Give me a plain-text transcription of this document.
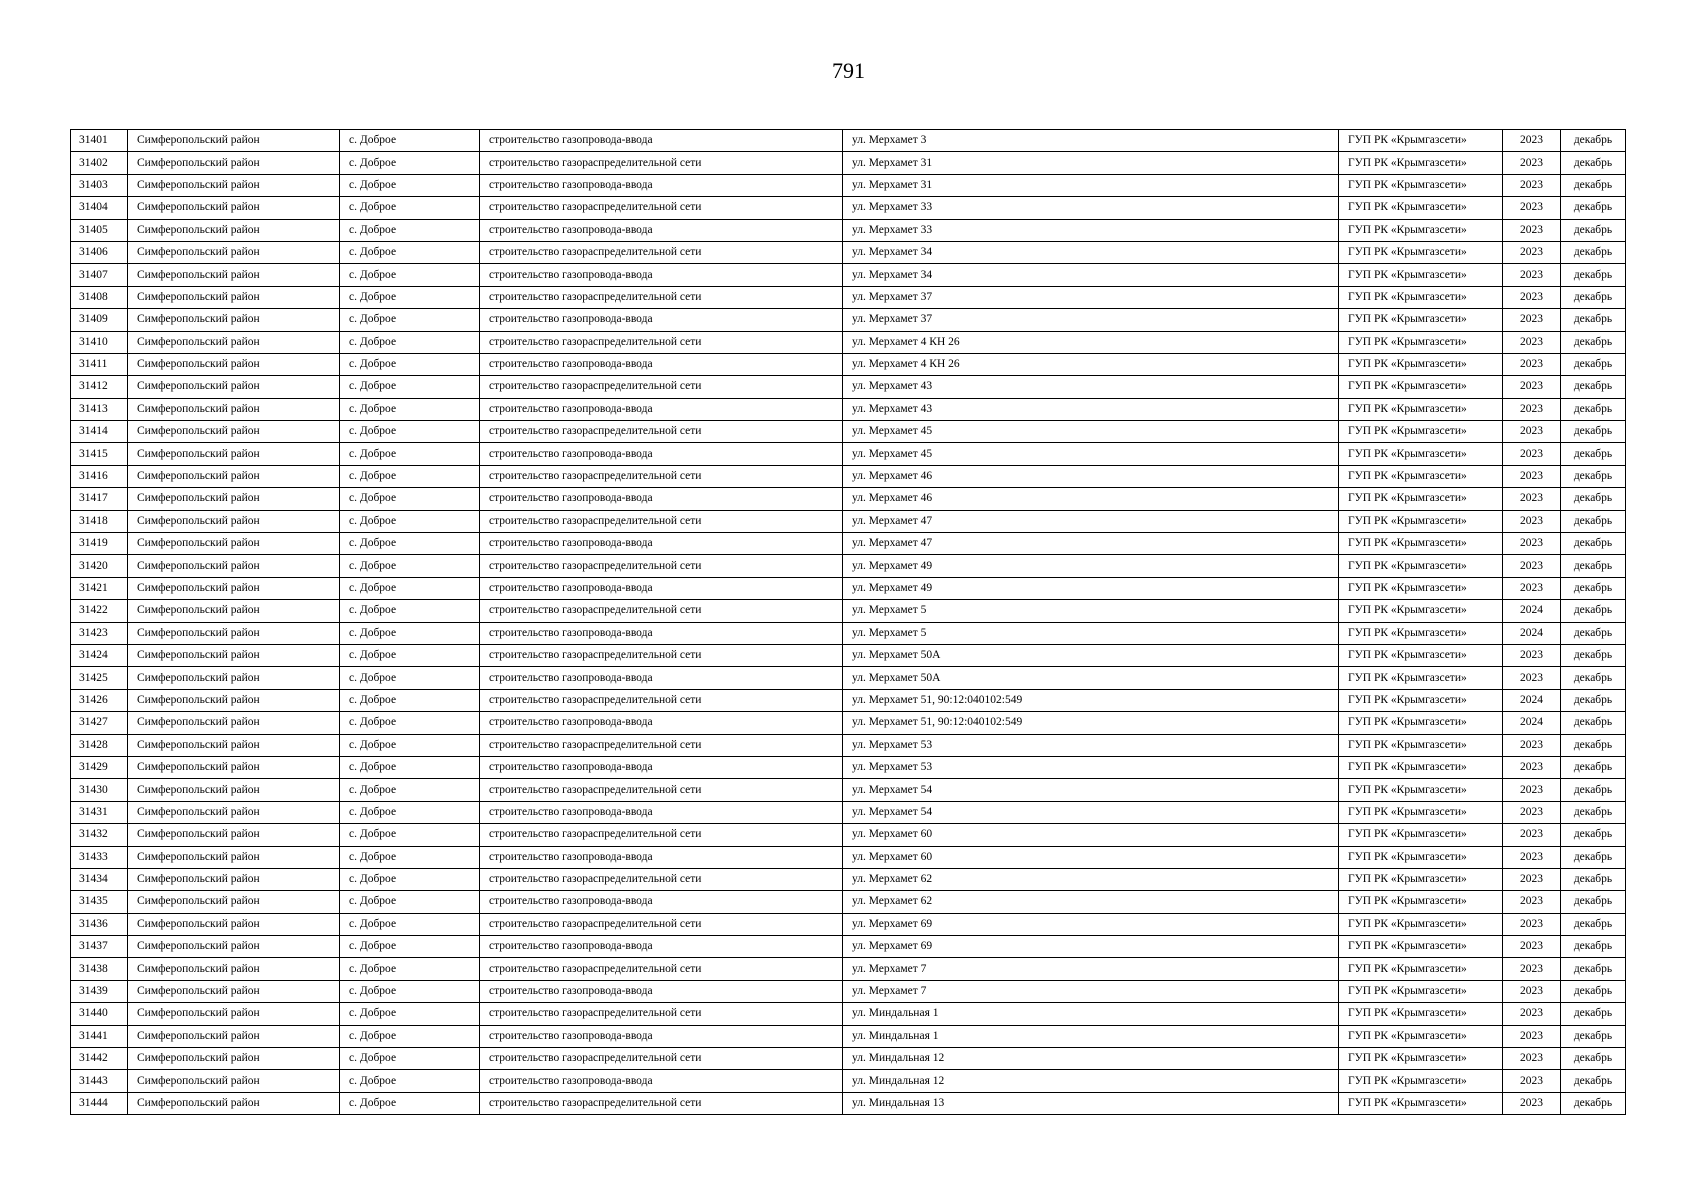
791
31401	Симферопольский район	с. Доброе	строительство газопровода-ввода	ул. Мерхамет 3	ГУП РК «Крымгазсети»	2023	декабрь
31402	Симферопольский район	с. Доброе	строительство газораспределительной сети	ул. Мерхамет 31	ГУП РК «Крымгазсети»	2023	декабрь
31403	Симферопольский район	с. Доброе	строительство газопровода-ввода	ул. Мерхамет 31	ГУП РК «Крымгазсети»	2023	декабрь
31404	Симферопольский район	с. Доброе	строительство газораспределительной сети	ул. Мерхамет 33	ГУП РК «Крымгазсети»	2023	декабрь
31405	Симферопольский район	с. Доброе	строительство газопровода-ввода	ул. Мерхамет 33	ГУП РК «Крымгазсети»	2023	декабрь
31406	Симферопольский район	с. Доброе	строительство газораспределительной сети	ул. Мерхамет 34	ГУП РК «Крымгазсети»	2023	декабрь
31407	Симферопольский район	с. Доброе	строительство газопровода-ввода	ул. Мерхамет 34	ГУП РК «Крымгазсети»	2023	декабрь
31408	Симферопольский район	с. Доброе	строительство газораспределительной сети	ул. Мерхамет 37	ГУП РК «Крымгазсети»	2023	декабрь
31409	Симферопольский район	с. Доброе	строительство газопровода-ввода	ул. Мерхамет 37	ГУП РК «Крымгазсети»	2023	декабрь
31410	Симферопольский район	с. Доброе	строительство газораспределительной сети	ул. Мерхамет 4 КН 26	ГУП РК «Крымгазсети»	2023	декабрь
31411	Симферопольский район	с. Доброе	строительство газопровода-ввода	ул. Мерхамет 4 КН 26	ГУП РК «Крымгазсети»	2023	декабрь
31412	Симферопольский район	с. Доброе	строительство газораспределительной сети	ул. Мерхамет 43	ГУП РК «Крымгазсети»	2023	декабрь
31413	Симферопольский район	с. Доброе	строительство газопровода-ввода	ул. Мерхамет 43	ГУП РК «Крымгазсети»	2023	декабрь
31414	Симферопольский район	с. Доброе	строительство газораспределительной сети	ул. Мерхамет 45	ГУП РК «Крымгазсети»	2023	декабрь
31415	Симферопольский район	с. Доброе	строительство газопровода-ввода	ул. Мерхамет 45	ГУП РК «Крымгазсети»	2023	декабрь
31416	Симферопольский район	с. Доброе	строительство газораспределительной сети	ул. Мерхамет 46	ГУП РК «Крымгазсети»	2023	декабрь
31417	Симферопольский район	с. Доброе	строительство газопровода-ввода	ул. Мерхамет 46	ГУП РК «Крымгазсети»	2023	декабрь
31418	Симферопольский район	с. Доброе	строительство газораспределительной сети	ул. Мерхамет 47	ГУП РК «Крымгазсети»	2023	декабрь
31419	Симферопольский район	с. Доброе	строительство газопровода-ввода	ул. Мерхамет 47	ГУП РК «Крымгазсети»	2023	декабрь
31420	Симферопольский район	с. Доброе	строительство газораспределительной сети	ул. Мерхамет 49	ГУП РК «Крымгазсети»	2023	декабрь
31421	Симферопольский район	с. Доброе	строительство газопровода-ввода	ул. Мерхамет 49	ГУП РК «Крымгазсети»	2023	декабрь
31422	Симферопольский район	с. Доброе	строительство газораспределительной сети	ул. Мерхамет 5	ГУП РК «Крымгазсети»	2024	декабрь
31423	Симферопольский район	с. Доброе	строительство газопровода-ввода	ул. Мерхамет 5	ГУП РК «Крымгазсети»	2024	декабрь
31424	Симферопольский район	с. Доброе	строительство газораспределительной сети	ул. Мерхамет 50А	ГУП РК «Крымгазсети»	2023	декабрь
31425	Симферопольский район	с. Доброе	строительство газопровода-ввода	ул. Мерхамет 50А	ГУП РК «Крымгазсети»	2023	декабрь
31426	Симферопольский район	с. Доброе	строительство газораспределительной сети	ул. Мерхамет 51, 90:12:040102:549	ГУП РК «Крымгазсети»	2024	декабрь
31427	Симферопольский район	с. Доброе	строительство газопровода-ввода	ул. Мерхамет 51, 90:12:040102:549	ГУП РК «Крымгазсети»	2024	декабрь
31428	Симферопольский район	с. Доброе	строительство газораспределительной сети	ул. Мерхамет 53	ГУП РК «Крымгазсети»	2023	декабрь
31429	Симферопольский район	с. Доброе	строительство газопровода-ввода	ул. Мерхамет 53	ГУП РК «Крымгазсети»	2023	декабрь
31430	Симферопольский район	с. Доброе	строительство газораспределительной сети	ул. Мерхамет 54	ГУП РК «Крымгазсети»	2023	декабрь
31431	Симферопольский район	с. Доброе	строительство газопровода-ввода	ул. Мерхамет 54	ГУП РК «Крымгазсети»	2023	декабрь
31432	Симферопольский район	с. Доброе	строительство газораспределительной сети	ул. Мерхамет 60	ГУП РК «Крымгазсети»	2023	декабрь
31433	Симферопольский район	с. Доброе	строительство газопровода-ввода	ул. Мерхамет 60	ГУП РК «Крымгазсети»	2023	декабрь
31434	Симферопольский район	с. Доброе	строительство газораспределительной сети	ул. Мерхамет 62	ГУП РК «Крымгазсети»	2023	декабрь
31435	Симферопольский район	с. Доброе	строительство газопровода-ввода	ул. Мерхамет 62	ГУП РК «Крымгазсети»	2023	декабрь
31436	Симферопольский район	с. Доброе	строительство газораспределительной сети	ул. Мерхамет 69	ГУП РК «Крымгазсети»	2023	декабрь
31437	Симферопольский район	с. Доброе	строительство газопровода-ввода	ул. Мерхамет 69	ГУП РК «Крымгазсети»	2023	декабрь
31438	Симферопольский район	с. Доброе	строительство газораспределительной сети	ул. Мерхамет 7	ГУП РК «Крымгазсети»	2023	декабрь
31439	Симферопольский район	с. Доброе	строительство газопровода-ввода	ул. Мерхамет 7	ГУП РК «Крымгазсети»	2023	декабрь
31440	Симферопольский район	с. Доброе	строительство газораспределительной сети	ул. Миндальная 1	ГУП РК «Крымгазсети»	2023	декабрь
31441	Симферопольский район	с. Доброе	строительство газопровода-ввода	ул. Миндальная 1	ГУП РК «Крымгазсети»	2023	декабрь
31442	Симферопольский район	с. Доброе	строительство газораспределительной сети	ул. Миндальная 12	ГУП РК «Крымгазсети»	2023	декабрь
31443	Симферопольский район	с. Доброе	строительство газопровода-ввода	ул. Миндальная 12	ГУП РК «Крымгазсети»	2023	декабрь
31444	Симферопольский район	с. Доброе	строительство газораспределительной сети	ул. Миндальная 13	ГУП РК «Крымгазсети»	2023	декабрь
